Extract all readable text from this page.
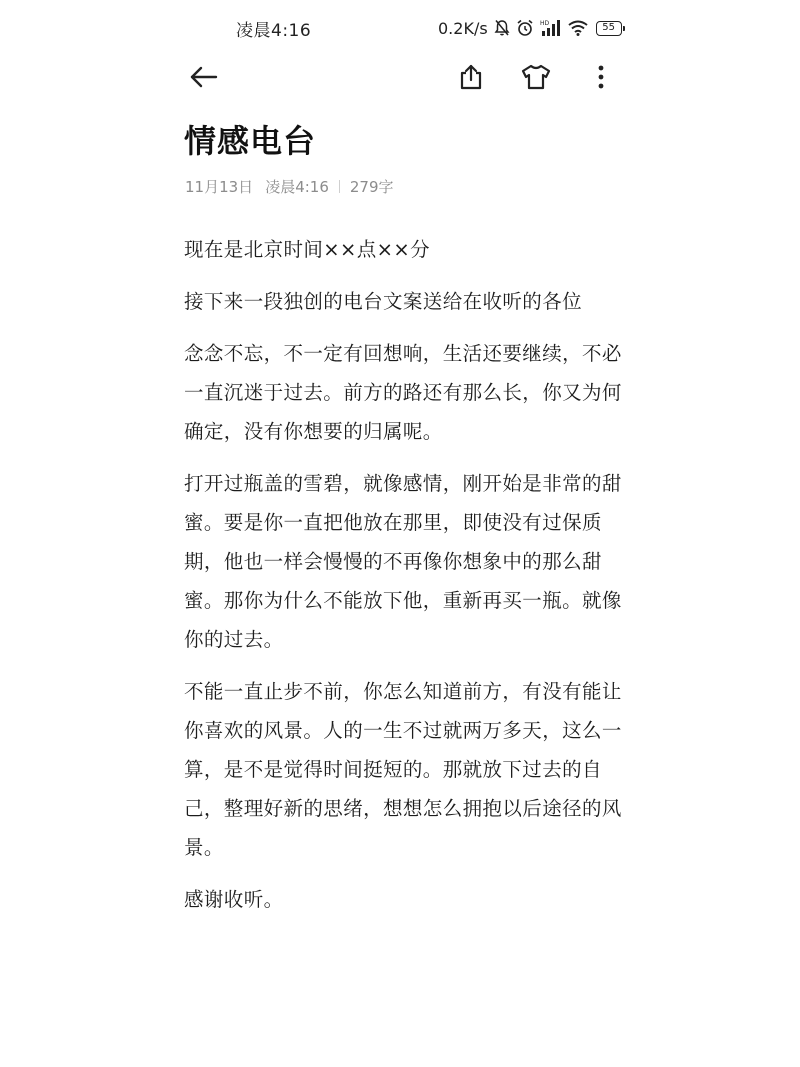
凌晨4:16	0.2K/s	HD	55
情感电台
11月13日 凌晨4:16 279字

现在是北京时间××点××分

接下来一段独创的电台文案送给在收听的各位

念念不忘，不一定有回想响，生活还要继续，不必一直沉迷于过去。前方的路还有那么长，你又为何确定，没有你想要的归属呢。

打开过瓶盖的雪碧，就像感情，刚开始是非常的甜蜜。要是你一直把他放在那里，即使没有过保质期，他也一样会慢慢的不再像你想象中的那么甜蜜。那你为什么不能放下他，重新再买一瓶。就像你的过去。

不能一直止步不前，你怎么知道前方，有没有能让你喜欢的风景。人的一生不过就两万多天，这么一算，是不是觉得时间挺短的。那就放下过去的自己，整理好新的思绪，想想怎么拥抱以后途径的风景。

感谢收听。
